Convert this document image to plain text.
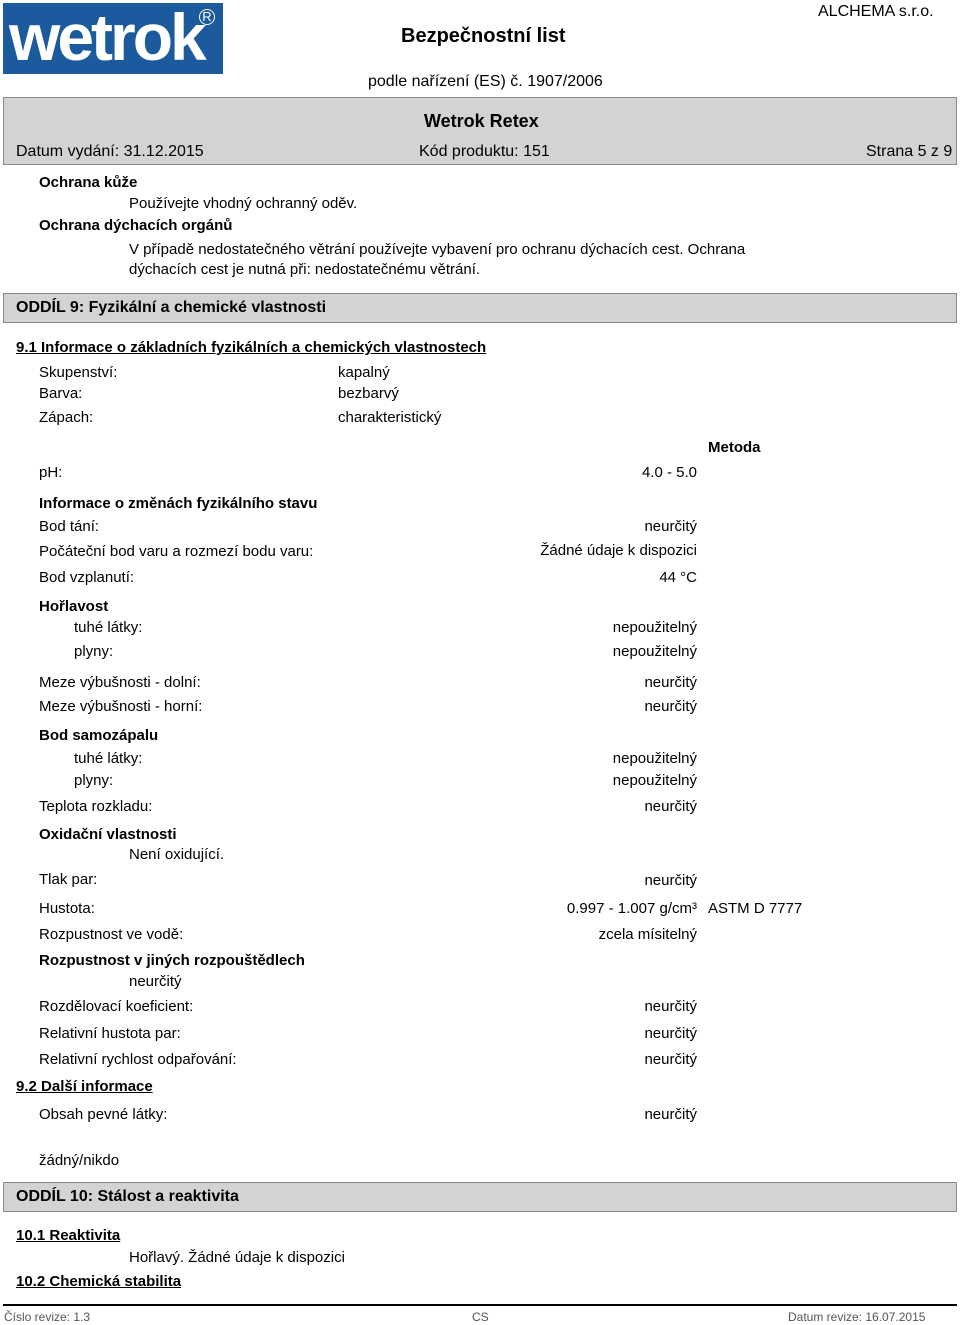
wetrok
R
Bezpečnostní list
ALCHEMA s.r.o.
podle nařízení (ES) č. 1907/2006
Wetrok Retex
Datum vydání: 31.12.2015	Kód produktu: 151	Strana 5 z 9
Ochrana kůže
Používejte vhodný ochranný oděv.
Ochrana dýchacích orgánů
V případě nedostatečného větrání používejte vybavení pro ochranu dýchacích cest. Ochrana
dýchacích cest je nutná při: nedostatečnému větrání.
ODDÍL 9: Fyzikální a chemické vlastnosti
9.1 Informace o základních fyzikálních a chemických vlastnostech
Skupenství:	kapalný
Barva:	bezbarvý
Zápach:	charakteristický
Metoda
pH:	4.0 - 5.0
Informace o změnách fyzikálního stavu
Bod tání:	neurčitý
Počáteční bod varu a rozmezí bodu varu:	Žádné údaje k dispozici
Bod vzplanutí:	44 °C
Hořlavost
tuhé látky:	nepoužitelný
plyny:	nepoužitelný
Meze výbušnosti - dolní:	neurčitý
Meze výbušnosti - horní:	neurčitý
Bod samozápalu
tuhé látky:	nepoužitelný
plyny:	nepoužitelný
Teplota rozkladu:	neurčitý
Oxidační vlastnosti
Není oxidující.
Tlak par:	neurčitý
Hustota:	0.997 - 1.007 g/cm³ ASTM D 7777
Rozpustnost ve vodě:	zcela mísitelný
Rozpustnost v jiných rozpouštědlech
neurčitý
Rozdělovací koeficient:	neurčitý
Relativní hustota par:	neurčitý
Relativní rychlost odpařování:	neurčitý
9.2 Další informace
Obsah pevné látky:	neurčitý
žádný/nikdo
ODDÍL 10: Stálost a reaktivita
10.1 Reaktivita
Hořlavý. Žádné údaje k dispozici
10.2 Chemická stabilita
Číslo revize: 1.3	CS	Datum revize: 16.07.2015
